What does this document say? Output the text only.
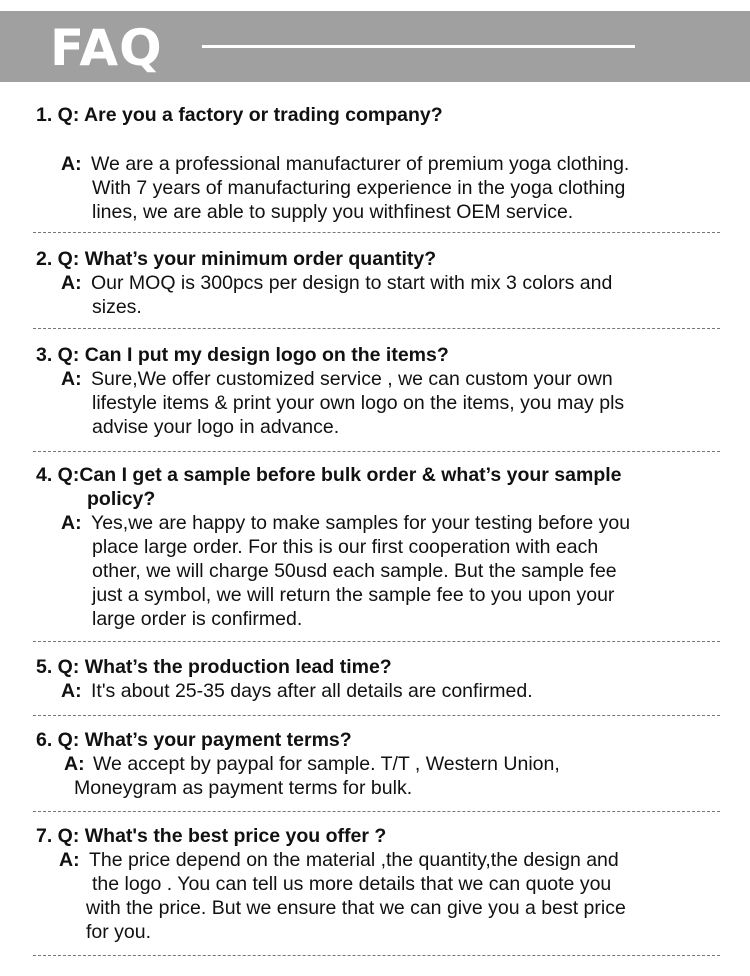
FAQ
1. Q: Are you a factory or trading company?
A: We are a professional manufacturer of premium yoga clothing.
With 7 years of manufacturing experience in the yoga clothing
lines, we are able to supply you withfinest OEM service.
2. Q: What’s your minimum order quantity?
A: Our MOQ is 300pcs per design to start with mix 3 colors and
sizes.
3. Q: Can I put my design logo on the items?
A: Sure,We offer customized service , we can custom your own
lifestyle items & print your own logo on the items, you may pls
advise your logo in advance.
4. Q:Can I get a sample before bulk order & what’s your sample
policy?
A: Yes,we are happy to make samples for your testing before you
place large order. For this is our first cooperation with each
other, we will charge 50usd each sample. But the sample fee
just a symbol, we will return the sample fee to you upon your
large order is confirmed.
5. Q: What’s the production lead time?
A: It's about 25-35 days after all details are confirmed.
6. Q: What’s your payment terms?
A: We accept by paypal for sample. T/T , Western Union,
Moneygram as payment terms for bulk.
7. Q: What's the best price you offer ?
A: The price depend on the material ,the quantity,the design and
the logo . You can tell us more details that we can quote you
with the price. But we ensure that we can give you a best price
for you.
